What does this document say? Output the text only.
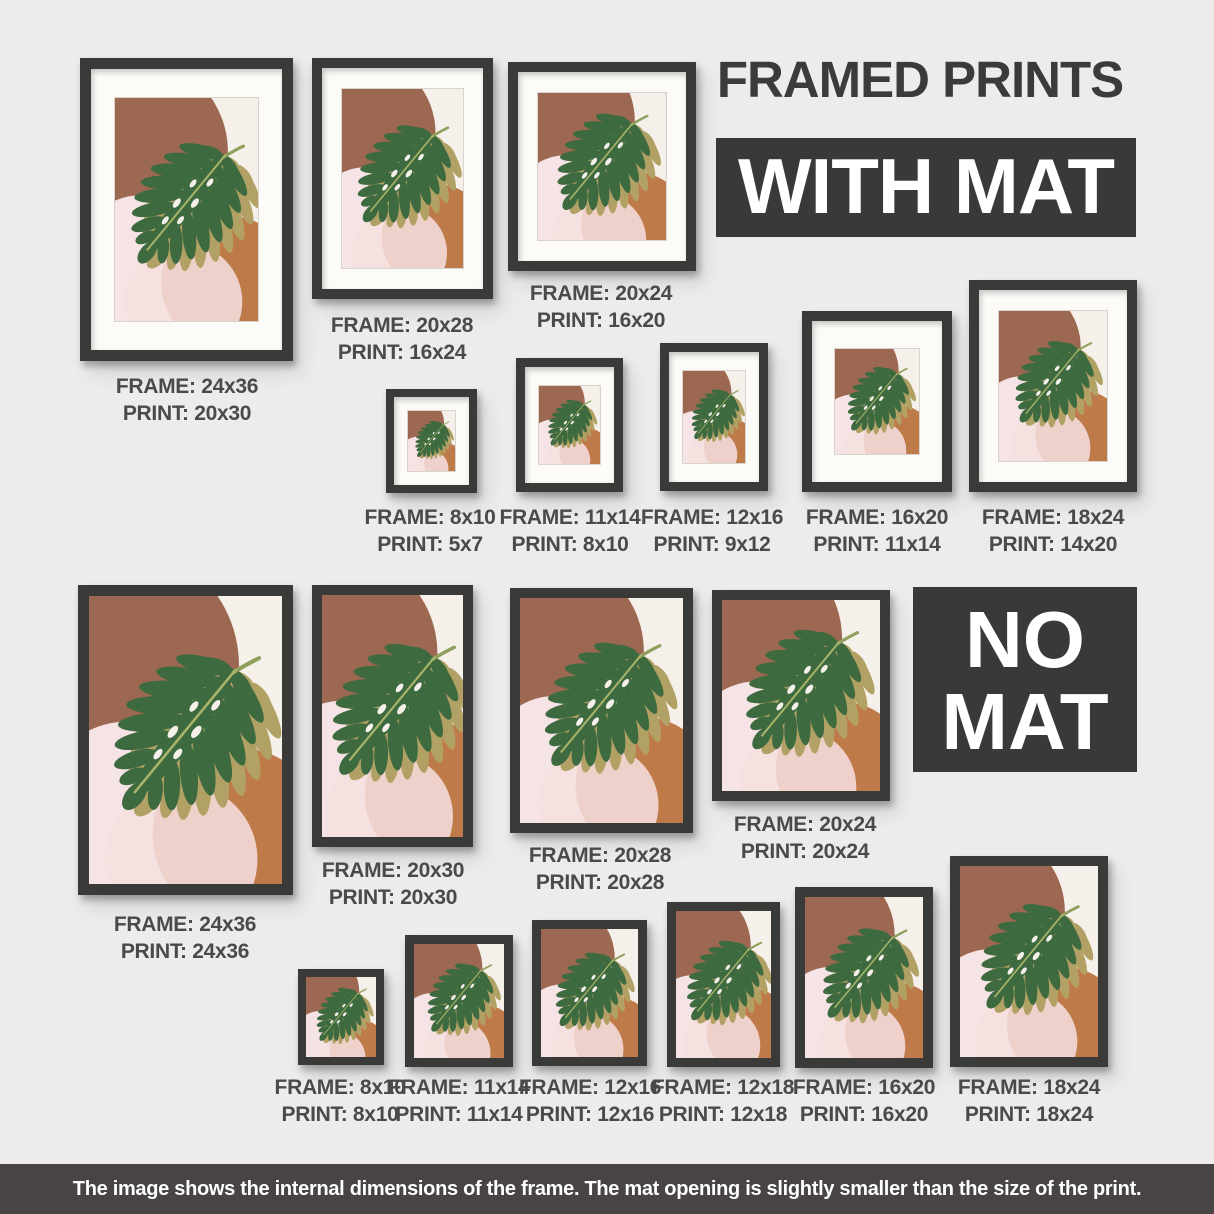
FRAMED PRINTS
WITH MAT
FRAME: 24x36
PRINT: 20x30
FRAME: 20x28
PRINT: 16x24
FRAME: 20x24
PRINT: 16x20
FRAME: 8x10
PRINT: 5x7
FRAME: 11x14
PRINT: 8x10
FRAME: 12x16
PRINT: 9x12
FRAME: 16x20
PRINT: 11x14
FRAME: 18x24
PRINT: 14x20
NO
MAT
FRAME: 24x36
PRINT: 24x36
FRAME: 20x30
PRINT: 20x30
FRAME: 20x28
PRINT: 20x28
FRAME: 20x24
PRINT: 20x24
FRAME: 8x10
PRINT: 8x10
FRAME: 11x14
PRINT: 11x14
FRAME: 12x16
PRINT: 12x16
FRAME: 12x18
PRINT: 12x18
FRAME: 16x20
PRINT: 16x20
FRAME: 18x24
PRINT: 18x24
The image shows the internal dimensions of the frame. The mat opening is slightly smaller than the size of the print.
